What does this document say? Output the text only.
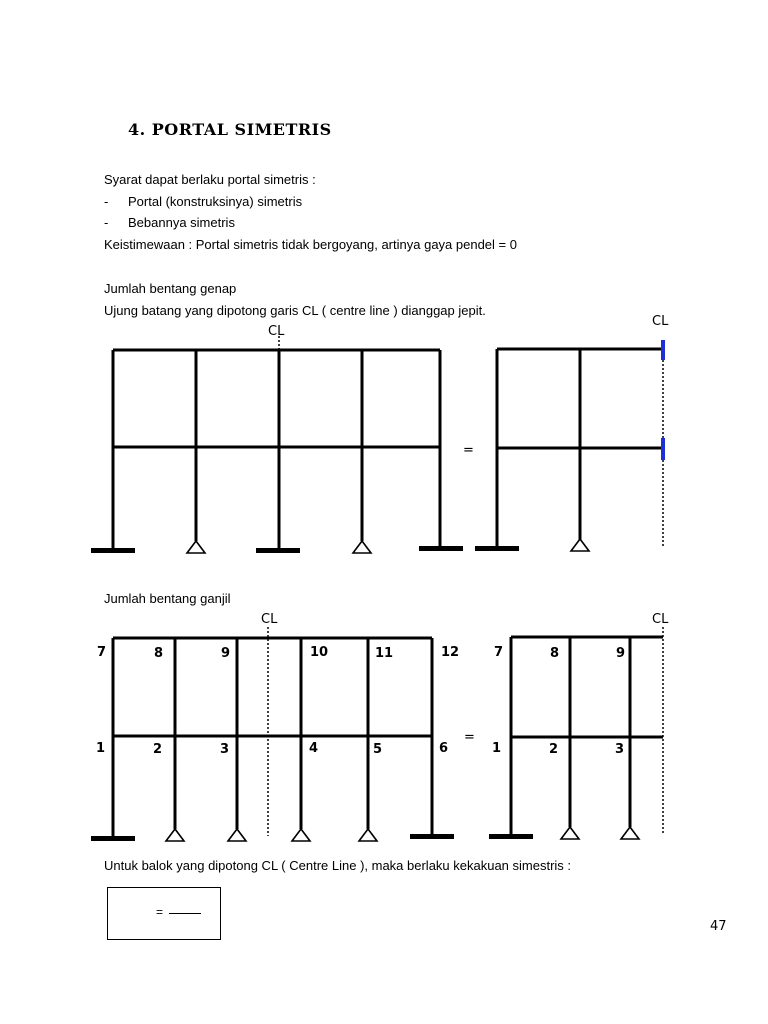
4. PORTAL SIMETRIS

Syarat dapat berlaku portal simetris :

- Portal (konstruksinya) simetris
- Bebannya simetris

Keistimewaan : Portal simetris tidak bergoyang, artinya gaya pendel = 0

Jumlah bentang genap

Ujung batang yang dipotong garis CL ( centre line ) dianggap jepit.

CL
=
CL

Jumlah bentang ganjil

CL
7	8	9	10	11	12
1	2	3	4	5	6
=
CL
7	8	9
1	2	3

Untuk balok yang dipotong CL ( Centre Line ), maka berlaku kekakuan simestris :

=
47
